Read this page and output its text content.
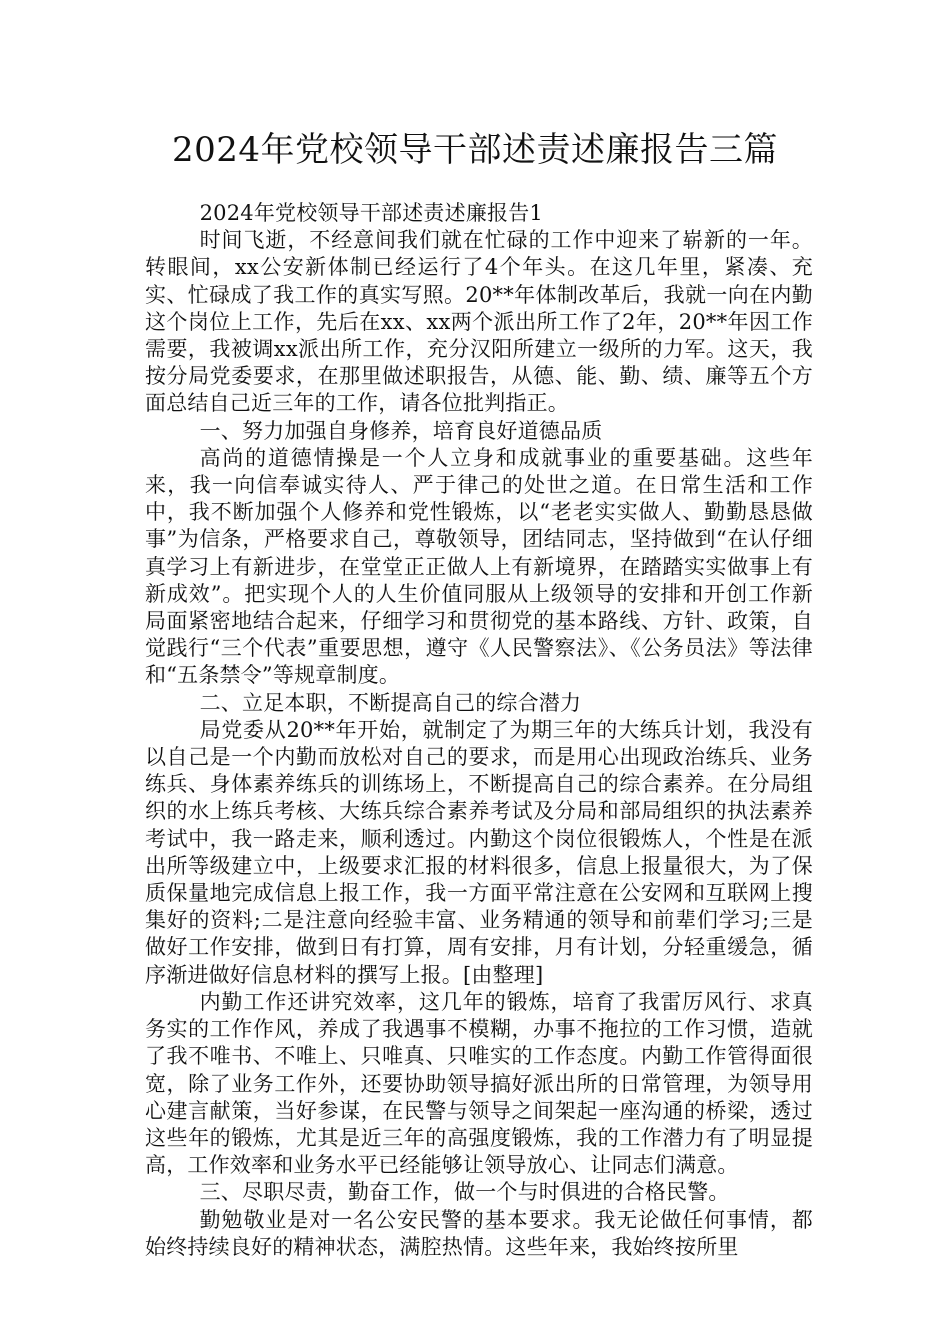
2024年党校领导干部述责述廉报告三篇

2024年党校领导干部述责述廉报告1

时间飞逝，不经意间我们就在忙碌的工作中迎来了崭新的一年。转眼间，xx公安新体制已经运行了4个年头。在这几年里，紧凑、充实、忙碌成了我工作的真实写照。20**年体制改革后，我就一向在内勤这个岗位上工作，先后在xx、xx两个派出所工作了2年，20**年因工作需要，我被调xx派出所工作，充分汉阳所建立一级所的力军。这天，我按分局党委要求，在那里做述职报告，从德、能、勤、绩、廉等五个方面总结自己近三年的工作，请各位批判指正。

一、努力加强自身修养，培育良好道德品质

高尚的道德情操是一个人立身和成就事业的重要基础。这些年来，我一向信奉诚实待人、严于律己的处世之道。在日常生活和工作中，我不断加强个人修养和党性锻炼，以“老老实实做人、勤勤恳恳做事”为信条，严格要求自己，尊敬领导，团结同志，坚持做到“在认仔细真学习上有新进步，在堂堂正正做人上有新境界，在踏踏实实做事上有新成效”。把实现个人的人生价值同服从上级领导的安排和开创工作新局面紧密地结合起来，仔细学习和贯彻党的基本路线、方针、政策，自觉践行“三个代表”重要思想，遵守《人民警察法》、《公务员法》等法律和“五条禁令”等规章制度。

二、立足本职，不断提高自己的综合潜力

局党委从20**年开始，就制定了为期三年的大练兵计划，我没有以自己是一个内勤而放松对自己的要求，而是用心出现政治练兵、业务练兵、身体素养练兵的训练场上，不断提高自己的综合素养。在分局组织的水上练兵考核、大练兵综合素养考试及分局和部局组织的执法素养考试中，我一路走来，顺利透过。内勤这个岗位很锻炼人，个性是在派出所等级建立中，上级要求汇报的材料很多，信息上报量很大，为了保质保量地完成信息上报工作，我一方面平常注意在公安网和互联网上搜集好的资料;二是注意向经验丰富、业务精通的领导和前辈们学习;三是做好工作安排，做到日有打算，周有安排，月有计划，分轻重缓急，循序渐进做好信息材料的撰写上报。[由整理]

内勤工作还讲究效率，这几年的锻炼，培育了我雷厉风行、求真务实的工作作风，养成了我遇事不模糊，办事不拖拉的工作习惯，造就了我不唯书、不唯上、只唯真、只唯实的工作态度。内勤工作管得面很宽，除了业务工作外，还要协助领导搞好派出所的日常管理，为领导用心建言献策，当好参谋，在民警与领导之间架起一座沟通的桥梁，透过这些年的锻炼，尤其是近三年的高强度锻炼，我的工作潜力有了明显提高，工作效率和业务水平已经能够让领导放心、让同志们满意。

三、尽职尽责，勤奋工作，做一个与时俱进的合格民警。

勤勉敬业是对一名公安民警的基本要求。我无论做任何事情，都始终持续良好的精神状态，满腔热情。这些年来，我始终按所里
